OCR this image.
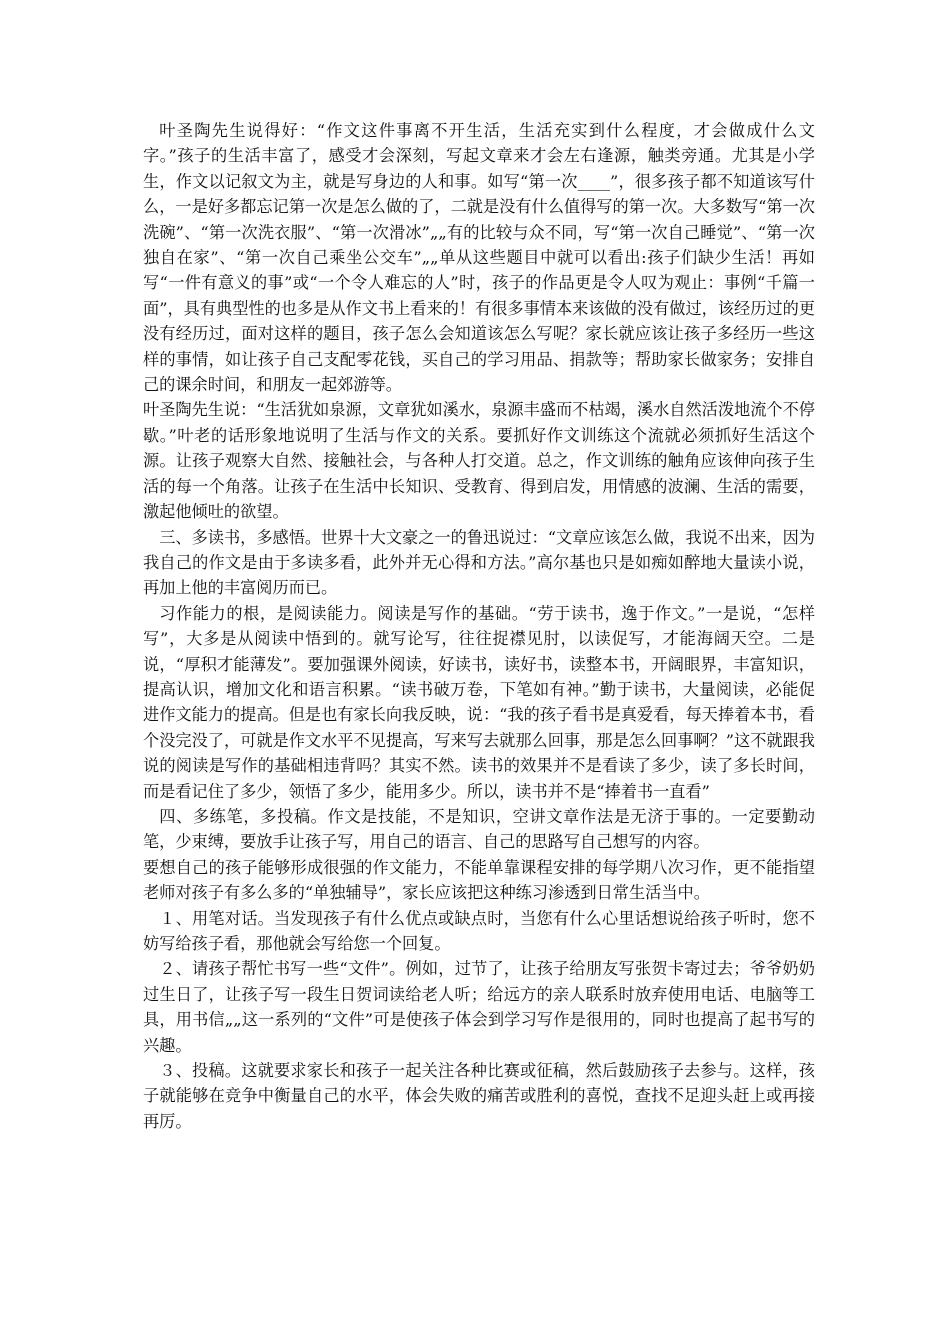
叶圣陶先生说得好：“作文这件事离不开生活，生活充实到什么程度，才会做成什么文字。”孩子的生活丰富了，感受才会深刻，写起文章来才会左右逢源，触类旁通。尤其是小学生，作文以记叙文为主，就是写身边的人和事。如写“第一次____”，很多孩子都不知道该写什么，一是好多都忘记第一次是怎么做的了，二就是没有什么值得写的第一次。大多数写“第一次洗碗”、“第一次洗衣服”、“第一次滑冰”„„有的比较与众不同，写“第一次自己睡觉”、“第一次独自在家”、“第一次自己乘坐公交车”„„单从这些题目中就可以看出:孩子们缺少生活！再如写“一件有意义的事”或“一个令人难忘的人”时，孩子的作品更是令人叹为观止：事例“千篇一面”，具有典型性的也多是从作文书上看来的！有很多事情本来该做的没有做过，该经历过的更没有经历过，面对这样的题目，孩子怎么会知道该怎么写呢？家长就应该让孩子多经历一些这样的事情，如让孩子自己支配零花钱，买自己的学习用品、捐款等；帮助家长做家务；安排自己的课余时间，和朋友一起郊游等。

叶圣陶先生说：“生活犹如泉源，文章犹如溪水，泉源丰盛而不枯竭，溪水自然活泼地流个不停歇。”叶老的话形象地说明了生活与作文的关系。要抓好作文训练这个流就必须抓好生活这个源。让孩子观察大自然、接触社会，与各种人打交道。总之，作文训练的触角应该伸向孩子生活的每一个角落。让孩子在生活中长知识、受教育、得到启发，用情感的波澜、生活的需要，激起他倾吐的欲望。

三、多读书，多感悟。世界十大文豪之一的鲁迅说过：“文章应该怎么做，我说不出来，因为我自己的作文是由于多读多看，此外并无心得和方法。”高尔基也只是如痴如醉地大量读小说，再加上他的丰富阅历而已。

习作能力的根，是阅读能力。阅读是写作的基础。“劳于读书，逸于作文。”一是说，“怎样写”，大多是从阅读中悟到的。就写论写，往往捉襟见肘，以读促写，才能海阔天空。二是说，“厚积才能薄发”。要加强课外阅读，好读书，读好书，读整本书，开阔眼界，丰富知识，提高认识，增加文化和语言积累。“读书破万卷，下笔如有神。”勤于读书，大量阅读，必能促进作文能力的提高。但是也有家长向我反映，说：“我的孩子看书是真爱看，每天捧着本书，看个没完没了，可就是作文水平不见提高，写来写去就那么回事，那是怎么回事啊？”这不就跟我说的阅读是写作的基础相违背吗？其实不然。读书的效果并不是看读了多少，读了多长时间，而是看记住了多少，领悟了多少，能用多少。所以，读书并不是“捧着书一直看”

四、多练笔，多投稿。作文是技能，不是知识，空讲文章作法是无济于事的。一定要勤动笔，少束缚，要放手让孩子写，用自己的语言、自己的思路写自己想写的内容。

要想自己的孩子能够形成很强的作文能力，不能单靠课程安排的每学期八次习作，更不能指望老师对孩子有多么多的“单独辅导”，家长应该把这种练习渗透到日常生活当中。

１、用笔对话。当发现孩子有什么优点或缺点时，当您有什么心里话想说给孩子听时，您不妨写给孩子看，那他就会写给您一个回复。

２、请孩子帮忙书写一些“文件”。例如，过节了，让孩子给朋友写张贺卡寄过去；爷爷奶奶过生日了，让孩子写一段生日贺词读给老人听；给远方的亲人联系时放弃使用电话、电脑等工具，用书信„„这一系列的“文件”可是使孩子体会到学习写作是很用的，同时也提高了起书写的兴趣。

３、投稿。这就要求家长和孩子一起关注各种比赛或征稿，然后鼓励孩子去参与。这样，孩子就能够在竞争中衡量自己的水平，体会失败的痛苦或胜利的喜悦，查找不足迎头赶上或再接再厉。
